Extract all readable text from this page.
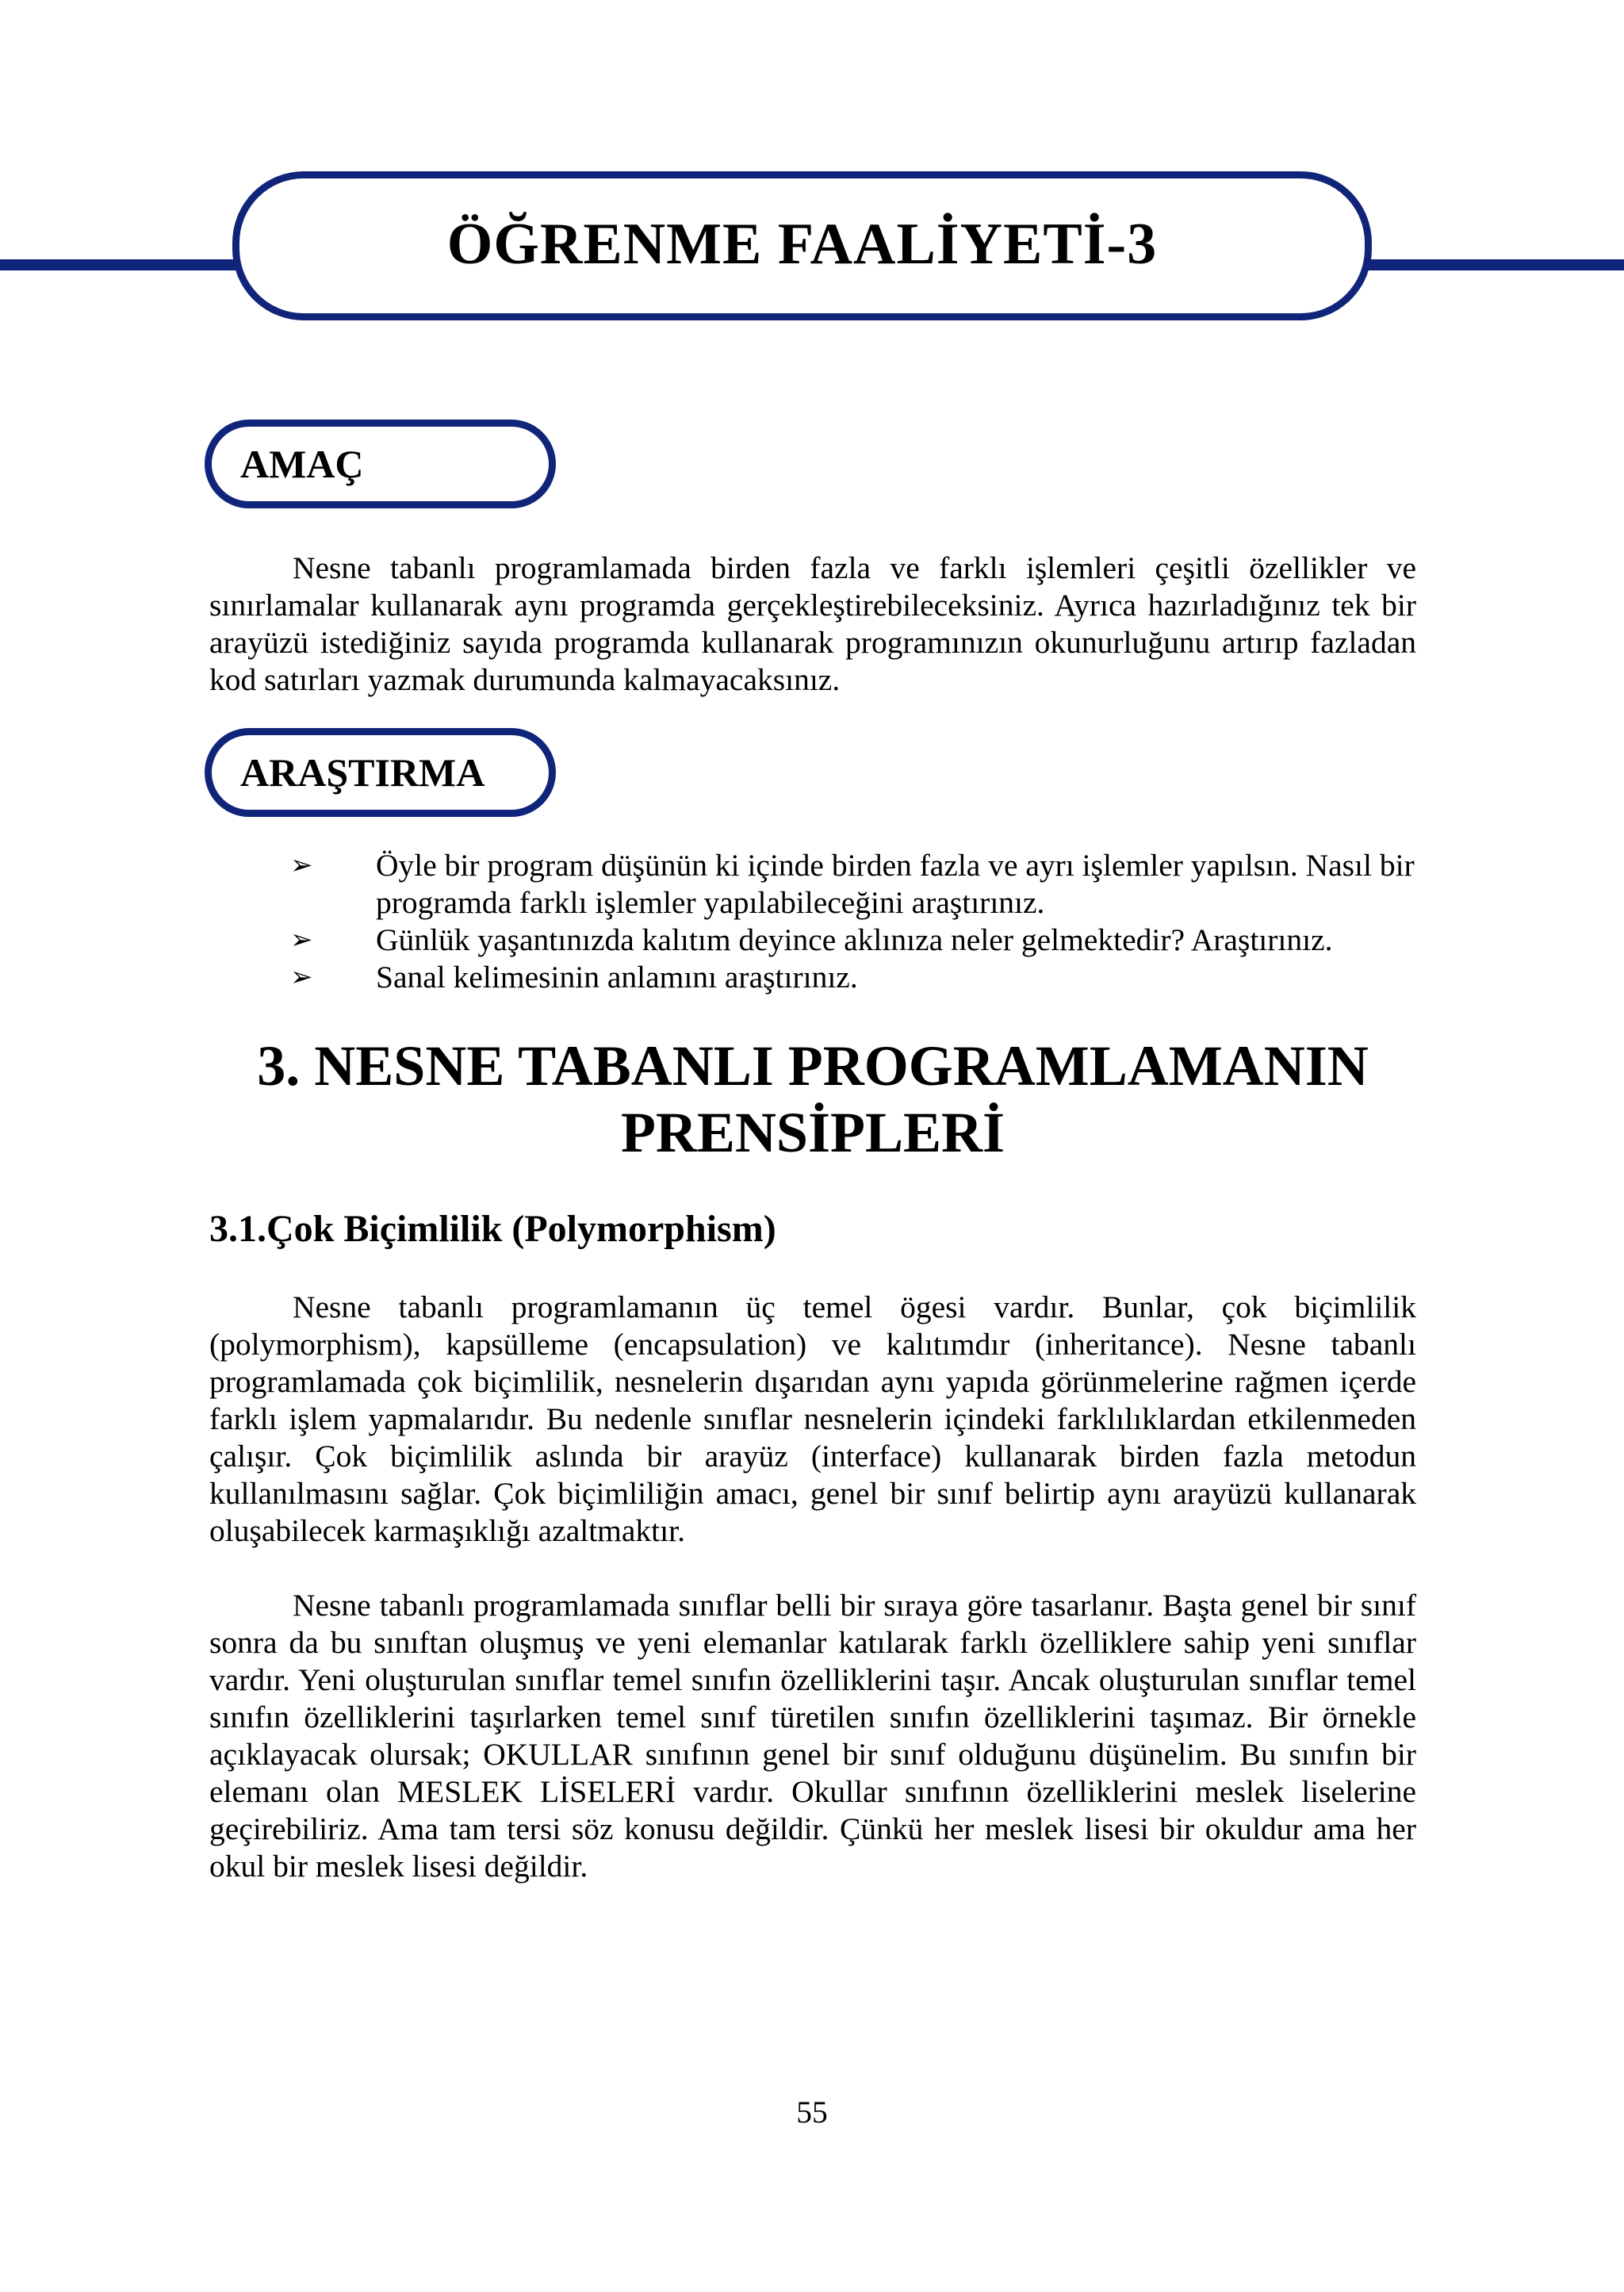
ÖĞRENME FAALİYETİ-3
AMAÇ
Nesne tabanlı programlamada birden fazla ve farklı işlemleri çeşitli özellikler ve sınırlamalar kullanarak aynı programda gerçekleştirebileceksiniz. Ayrıca hazırladığınız tek bir arayüzü istediğiniz sayıda programda kullanarak programınızın okunurluğunu artırıp fazladan kod satırları yazmak durumunda kalmayacaksınız.
ARAŞTIRMA
➢ Öyle bir program düşünün ki içinde birden fazla ve ayrı işlemler yapılsın. Nasıl bir programda farklı işlemler yapılabileceğini araştırınız.
➢ Günlük yaşantınızda kalıtım deyince aklınıza neler gelmektedir? Araştırınız.
➢ Sanal kelimesinin anlamını araştırınız.
3. NESNE TABANLI PROGRAMLAMANIN
PRENSİPLERİ
3.1.Çok Biçimlilik (Polymorphism)
Nesne tabanlı programlamanın üç temel ögesi vardır. Bunlar, çok biçimlilik (polymorphism), kapsülleme (encapsulation) ve kalıtımdır (inheritance). Nesne tabanlı programlamada çok biçimlilik, nesnelerin dışarıdan aynı yapıda görünmelerine rağmen içerde farklı işlem yapmalarıdır. Bu nedenle sınıflar nesnelerin içindeki farklılıklardan etkilenmeden çalışır. Çok biçimlilik aslında bir arayüz (interface) kullanarak birden fazla metodun kullanılmasını sağlar. Çok biçimliliğin amacı, genel bir sınıf belirtip aynı arayüzü kullanarak oluşabilecek karmaşıklığı azaltmaktır.
Nesne tabanlı programlamada sınıflar belli bir sıraya göre tasarlanır. Başta genel bir sınıf sonra da bu sınıftan oluşmuş ve yeni elemanlar katılarak farklı özelliklere sahip yeni sınıflar vardır. Yeni oluşturulan sınıflar temel sınıfın özelliklerini taşır. Ancak oluşturulan sınıflar temel sınıfın özelliklerini taşırlarken temel sınıf türetilen sınıfın özelliklerini taşımaz. Bir örnekle açıklayacak olursak; OKULLAR sınıfının genel bir sınıf olduğunu düşünelim. Bu sınıfın bir elemanı olan MESLEK LİSELERİ vardır. Okullar sınıfının özelliklerini meslek liselerine geçirebiliriz. Ama tam tersi söz konusu değildir. Çünkü her meslek lisesi bir okuldur ama her okul bir meslek lisesi değildir.
55
